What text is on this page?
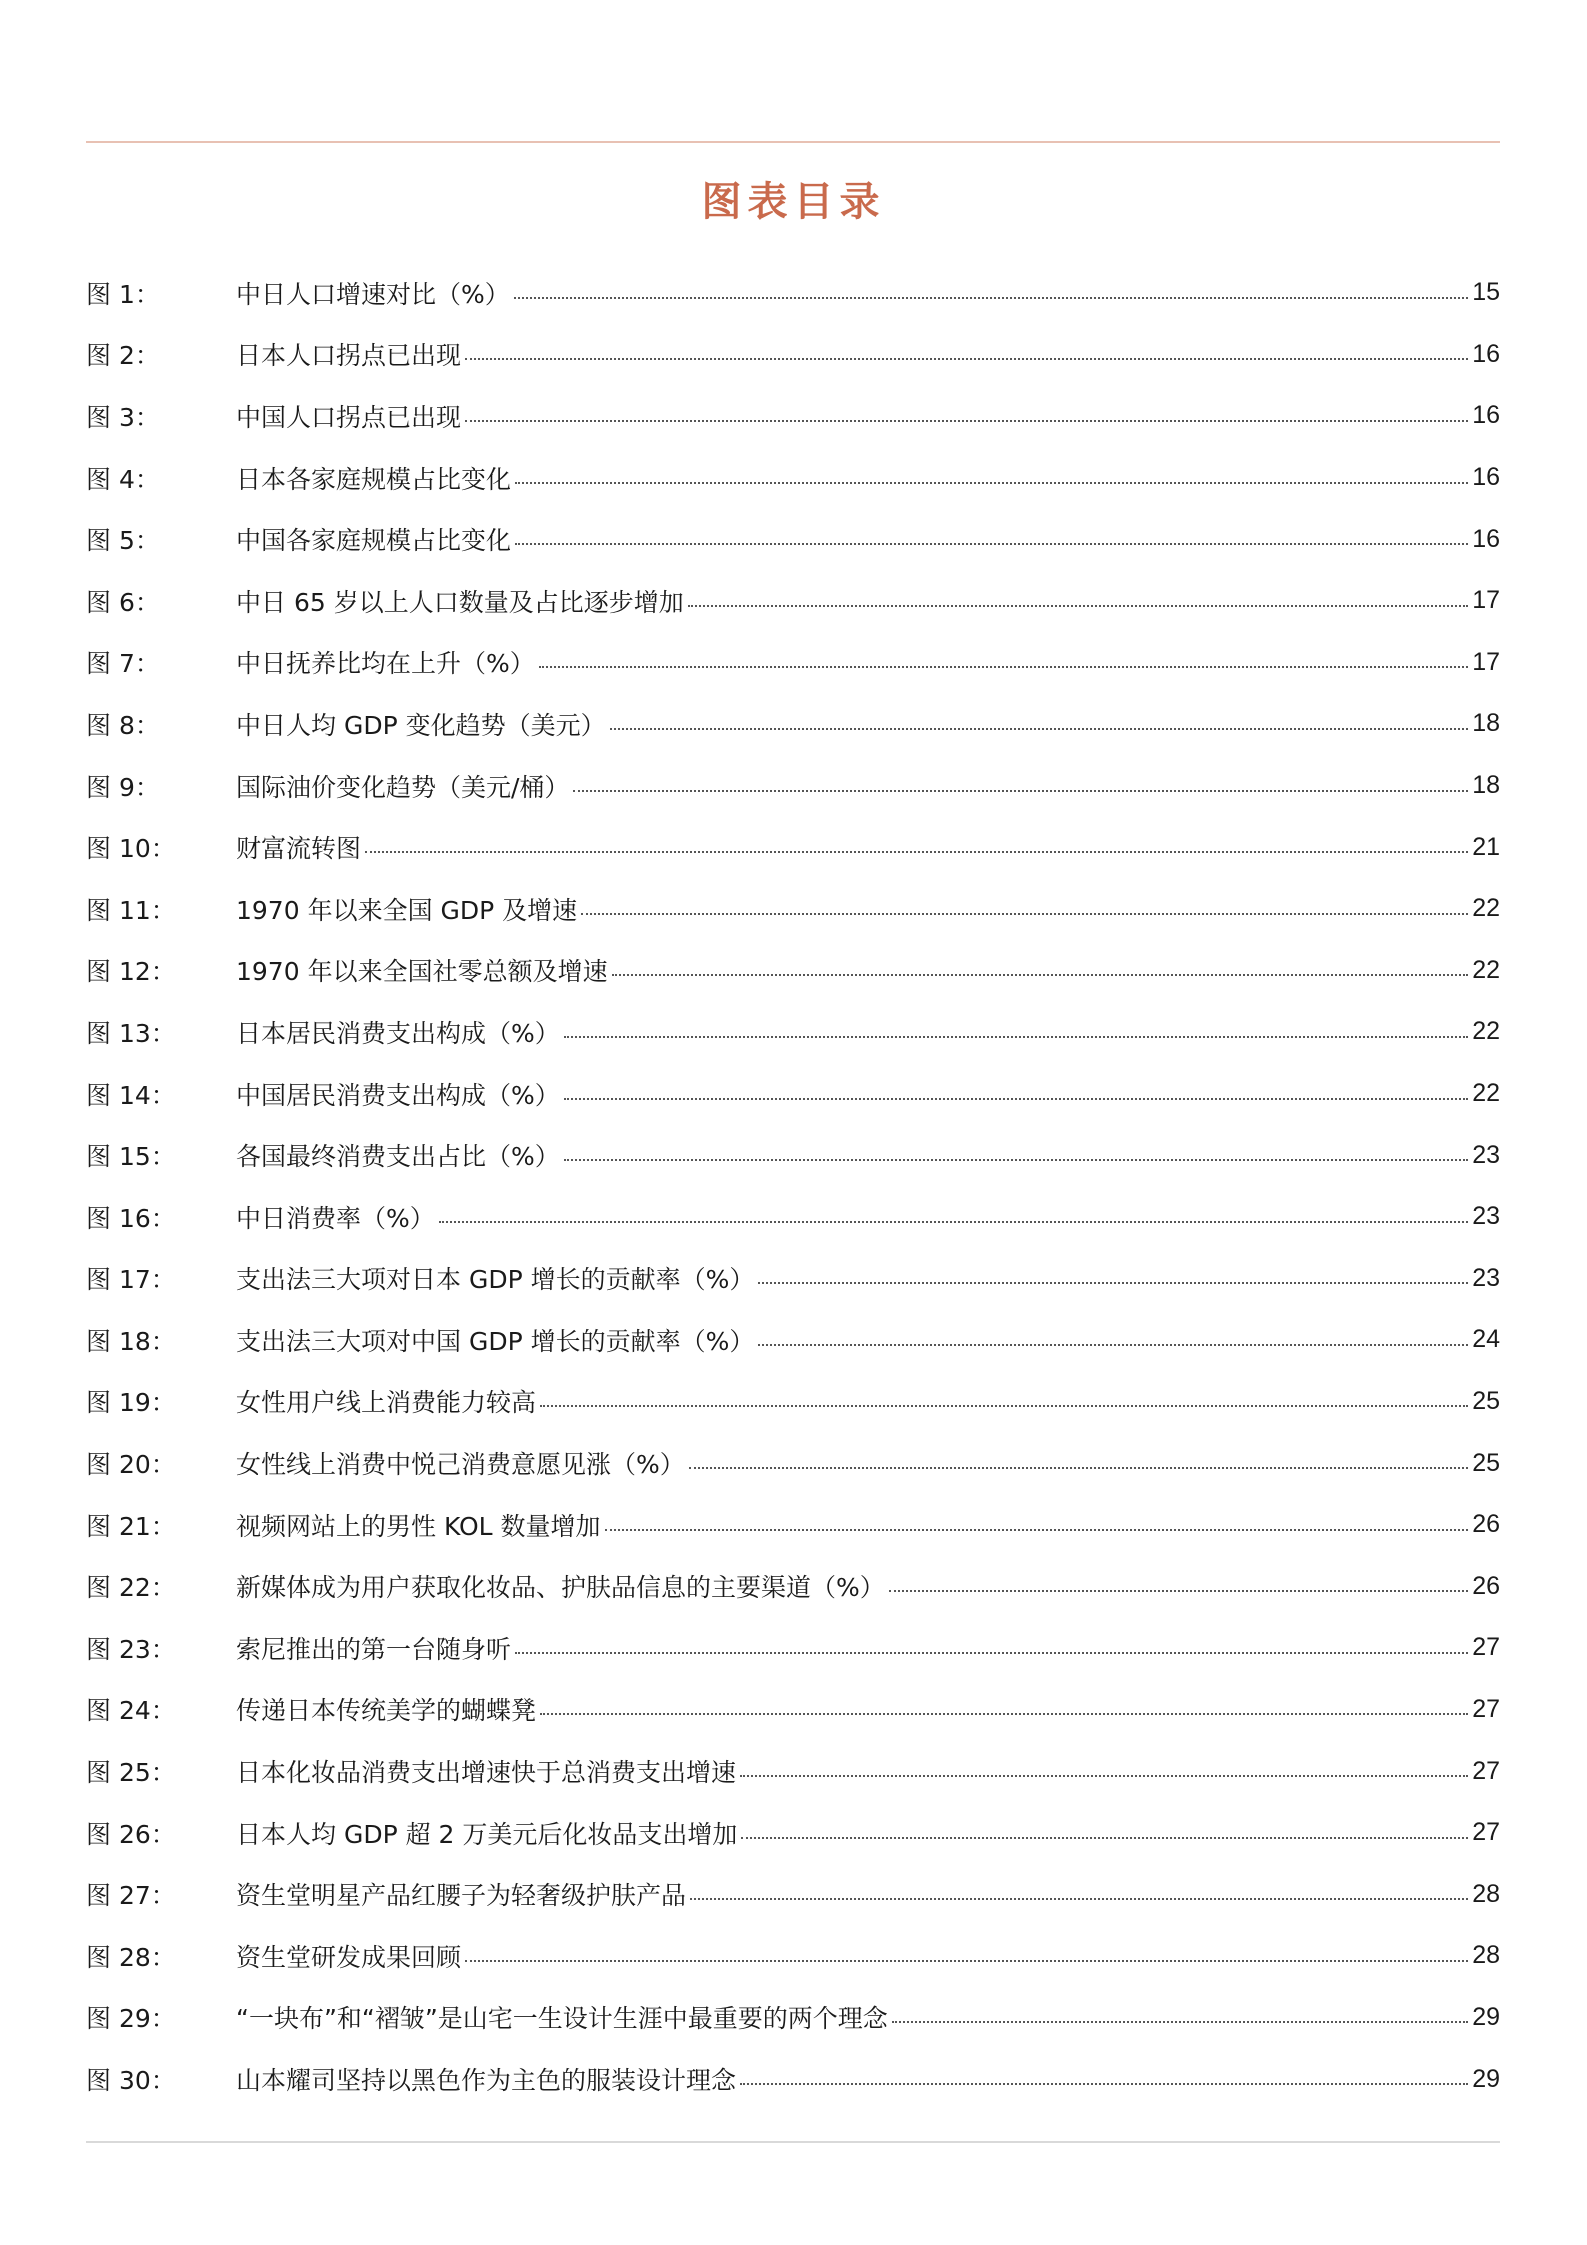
图表目录
图 1：	中日人口增速对比（%）	15
图 2：	日本人口拐点已出现	16
图 3：	中国人口拐点已出现	16
图 4：	日本各家庭规模占比变化	16
图 5：	中国各家庭规模占比变化	16
图 6：	中日 65 岁以上人口数量及占比逐步增加	17
图 7：	中日抚养比均在上升（%）	17
图 8：	中日人均 GDP 变化趋势（美元）	18
图 9：	国际油价变化趋势（美元/桶）	18
图 10：	财富流转图	21
图 11：	1970 年以来全国 GDP 及增速	22
图 12：	1970 年以来全国社零总额及增速	22
图 13：	日本居民消费支出构成（%）	22
图 14：	中国居民消费支出构成（%）	22
图 15：	各国最终消费支出占比（%）	23
图 16：	中日消费率（%）	23
图 17：	支出法三大项对日本 GDP 增长的贡献率（%）	23
图 18：	支出法三大项对中国 GDP 增长的贡献率（%）	24
图 19：	女性用户线上消费能力较高	25
图 20：	女性线上消费中悦己消费意愿见涨（%）	25
图 21：	视频网站上的男性 KOL 数量增加	26
图 22：	新媒体成为用户获取化妆品、护肤品信息的主要渠道（%）	26
图 23：	索尼推出的第一台随身听	27
图 24：	传递日本传统美学的蝴蝶凳	27
图 25：	日本化妆品消费支出增速快于总消费支出增速	27
图 26：	日本人均 GDP 超 2 万美元后化妆品支出增加	27
图 27：	资生堂明星产品红腰子为轻奢级护肤产品	28
图 28：	资生堂研发成果回顾	28
图 29：	“一块布”和“褶皱”是山宅一生设计生涯中最重要的两个理念	29
图 30：	山本耀司坚持以黑色作为主色的服装设计理念	29
